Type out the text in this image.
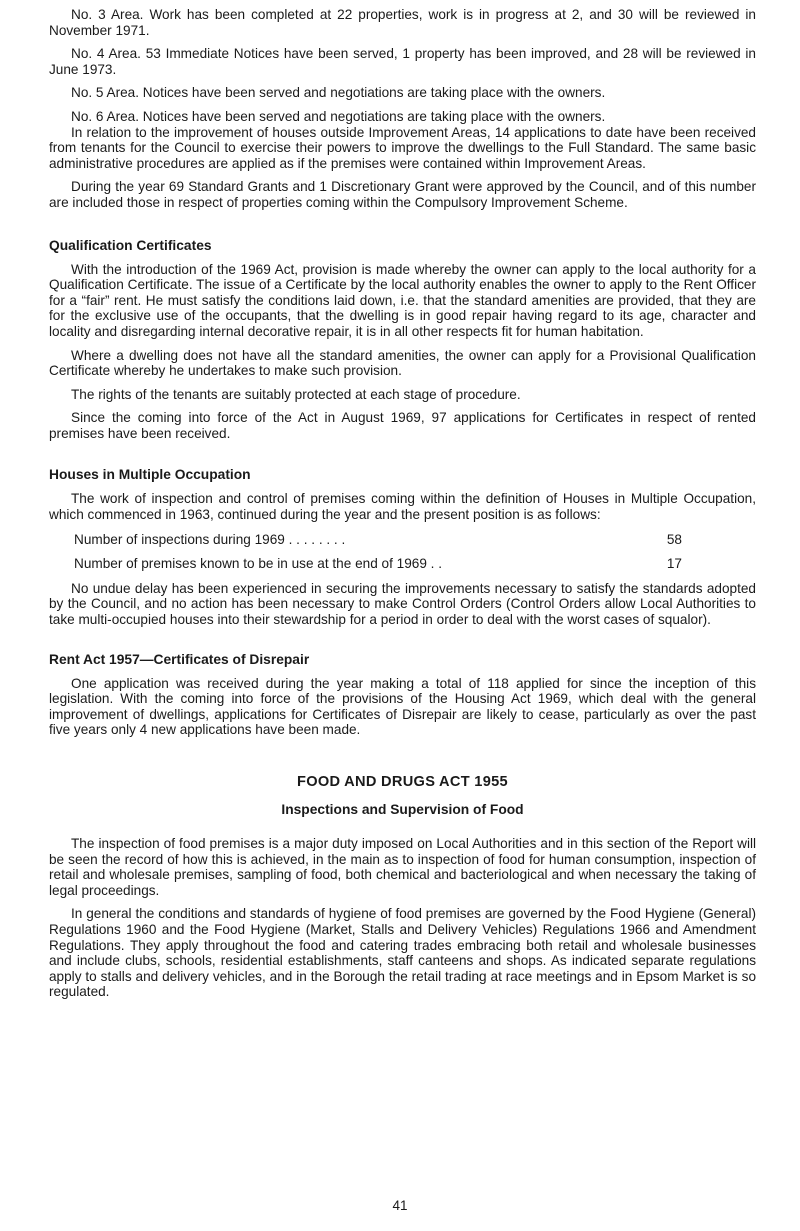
No. 3 Area. Work has been completed at 22 properties, work is in progress at 2, and 30 will be reviewed in November 1971.

No. 4 Area. 53 Immediate Notices have been served, 1 property has been improved, and 28 will be reviewed in June 1973.

No. 5 Area. Notices have been served and negotiations are taking place with the owners.

No. 6 Area. Notices have been served and negotiations are taking place with the owners.

In relation to the improvement of houses outside Improvement Areas, 14 applications to date have been received from tenants for the Council to exercise their powers to improve the dwellings to the Full Standard. The same basic administrative procedures are applied as if the premises were contained within Improvement Areas.

During the year 69 Standard Grants and 1 Discretionary Grant were approved by the Council, and of this number are included those in respect of properties coming within the Compulsory Improvement Scheme.

Qualification Certificates

With the introduction of the 1969 Act, provision is made whereby the owner can apply to the local authority for a Qualification Certificate. The issue of a Certificate by the local authority enables the owner to apply to the Rent Officer for a “fair” rent. He must satisfy the conditions laid down, i.e. that the standard amenities are provided, that they are for the exclusive use of the occupants, that the dwelling is in good repair having regard to its age, character and locality and disregarding internal decorative repair, it is in all other respects fit for human habitation.

Where a dwelling does not have all the standard amenities, the owner can apply for a Provisional Qualification Certificate whereby he undertakes to make such provision.

The rights of the tenants are suitably protected at each stage of procedure.

Since the coming into force of the Act in August 1969, 97 applications for Certificates in respect of rented premises have been received.

Houses in Multiple Occupation

The work of inspection and control of premises coming within the definition of Houses in Multiple Occupation, which commenced in 1963, continued during the year and the present position is as follows:

Number of inspections during 1969 . . . . . . . .	58
Number of premises known to be in use at the end of 1969 . .	17

No undue delay has been experienced in securing the improvements necessary to satisfy the standards adopted by the Council, and no action has been necessary to make Control Orders (Control Orders allow Local Authorities to take multi-occupied houses into their stewardship for a period in order to deal with the worst cases of squalor).

Rent Act 1957—Certificates of Disrepair

One application was received during the year making a total of 118 applied for since the inception of this legislation. With the coming into force of the provisions of the Housing Act 1969, which deal with the general improvement of dwellings, applications for Certificates of Disrepair are likely to cease, particularly as over the past five years only 4 new applications have been made.

FOOD AND DRUGS ACT 1955
Inspections and Supervision of Food

The inspection of food premises is a major duty imposed on Local Authorities and in this section of the Report will be seen the record of how this is achieved, in the main as to inspection of food for human consumption, inspection of retail and wholesale premises, sampling of food, both chemical and bacteriological and when necessary the taking of legal proceedings.

In general the conditions and standards of hygiene of food premises are governed by the Food Hygiene (General) Regulations 1960 and the Food Hygiene (Market, Stalls and Delivery Vehicles) Regulations 1966 and Amendment Regulations. They apply throughout the food and catering trades embracing both retail and wholesale businesses and include clubs, schools, residential establishments, staff canteens and shops. As indicated separate regulations apply to stalls and delivery vehicles, and in the Borough the retail trading at race meetings and in Epsom Market is so regulated.

41
